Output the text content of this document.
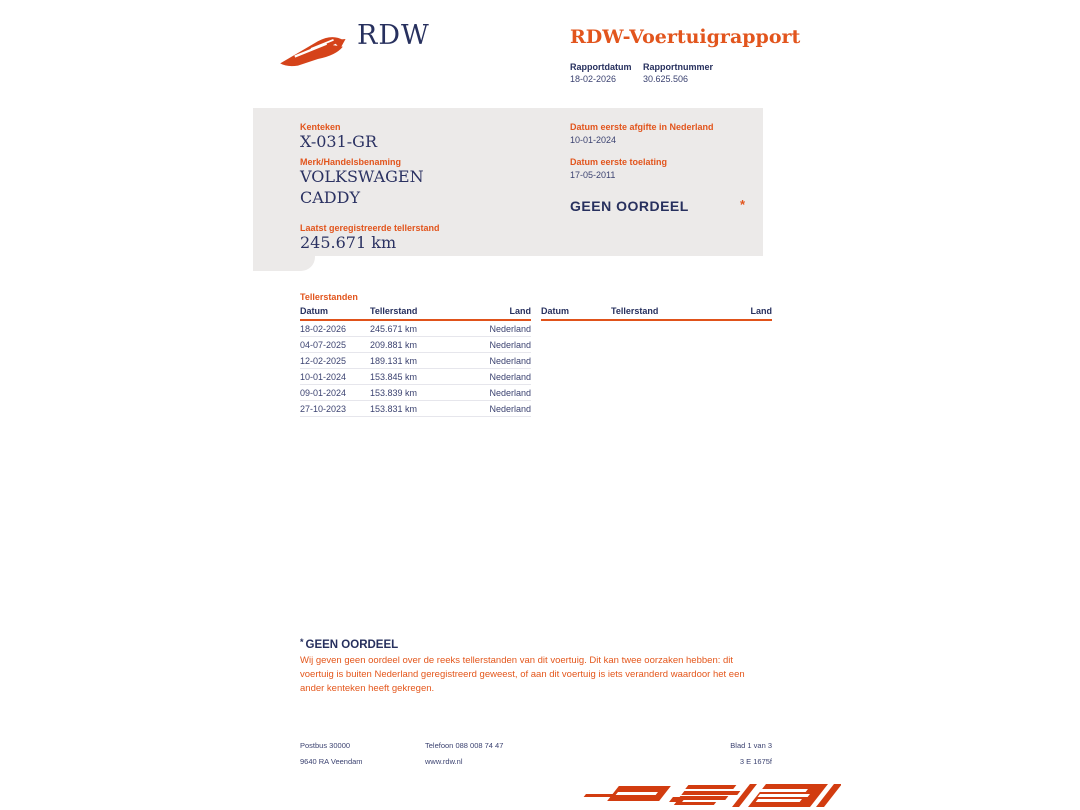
RDW	RDW-Voertuigrapport
Rapportdatum Rapportnummer
18-02-2026	30.625.506
Kenteken
X-031-GR
Merk/Handelsbenaming
VOLKSWAGEN
CADDY
Laatst geregistreerde tellerstand
245.671 km
Datum eerste afgifte in Nederland
10-01-2024
Datum eerste toelating
17-05-2011
GEEN OORDEEL	*
Tellerstanden
Datum	Tellerstand	Land
18-02-2026	245.671 km	Nederland
04-07-2025	209.881 km	Nederland
12-02-2025	189.131 km	Nederland
10-01-2024	153.845 km	Nederland
09-01-2024	153.839 km	Nederland
27-10-2023	153.831 km	Nederland
Datum	Tellerstand	Land
* GEEN OORDEEL
Wij geven geen oordeel over de reeks tellerstanden van dit voertuig. Dit kan twee oorzaken hebben: dit voertuig is buiten Nederland geregistreerd geweest, of aan dit voertuig is iets veranderd waardoor het een ander kenteken heeft gekregen.
Postbus 30000
9640 RA Veendam
Telefoon 088 008 74 47
www.rdw.nl
Blad 1 van 3
3 E 1675f
